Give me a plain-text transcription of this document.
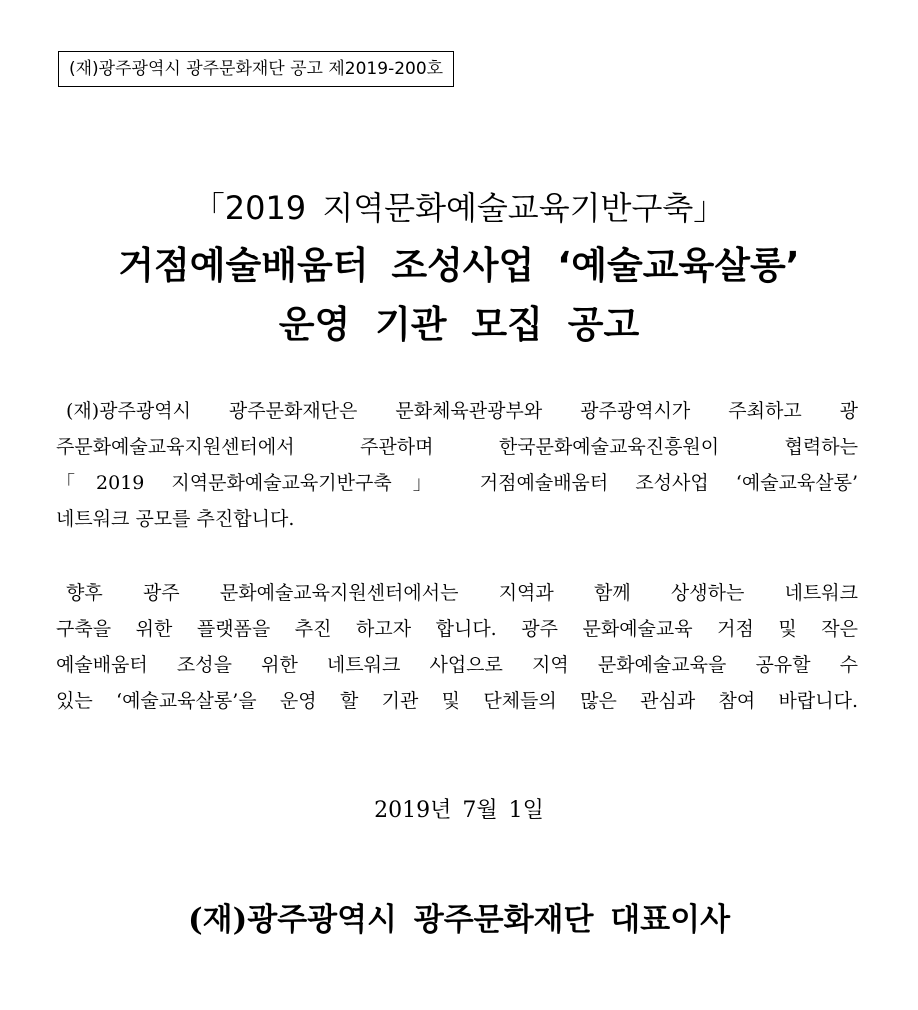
(재)광주광역시 광주문화재단 공고 제2019-200호
「2019 지역문화예술교육기반구축」
거점예술배움터 조성사업 ‘예술교육살롱’
운영 기관 모집 공고
(재)광주광역시 광주문화재단은 문화체육관광부와 광주광역시가 주최하고 광
주문화예술교육지원센터에서 주관하며 한국문화예술교육진흥원이 협력하는
「2019 지역문화예술교육기반구축」 거점예술배움터 조성사업 ‘예술교육살롱’
네트워크 공모를 추진합니다.
향후 광주 문화예술교육지원센터에서는 지역과 함께 상생하는 네트워크
구축을 위한 플랫폼을 추진 하고자 합니다. 광주 문화예술교육 거점 및 작은
예술배움터 조성을 위한 네트워크 사업으로 지역 문화예술교육을 공유할 수
있는 ‘예술교육살롱’을 운영 할 기관 및 단체들의 많은 관심과 참여 바랍니다.
2019년 7월 1일
(재)광주광역시 광주문화재단 대표이사
